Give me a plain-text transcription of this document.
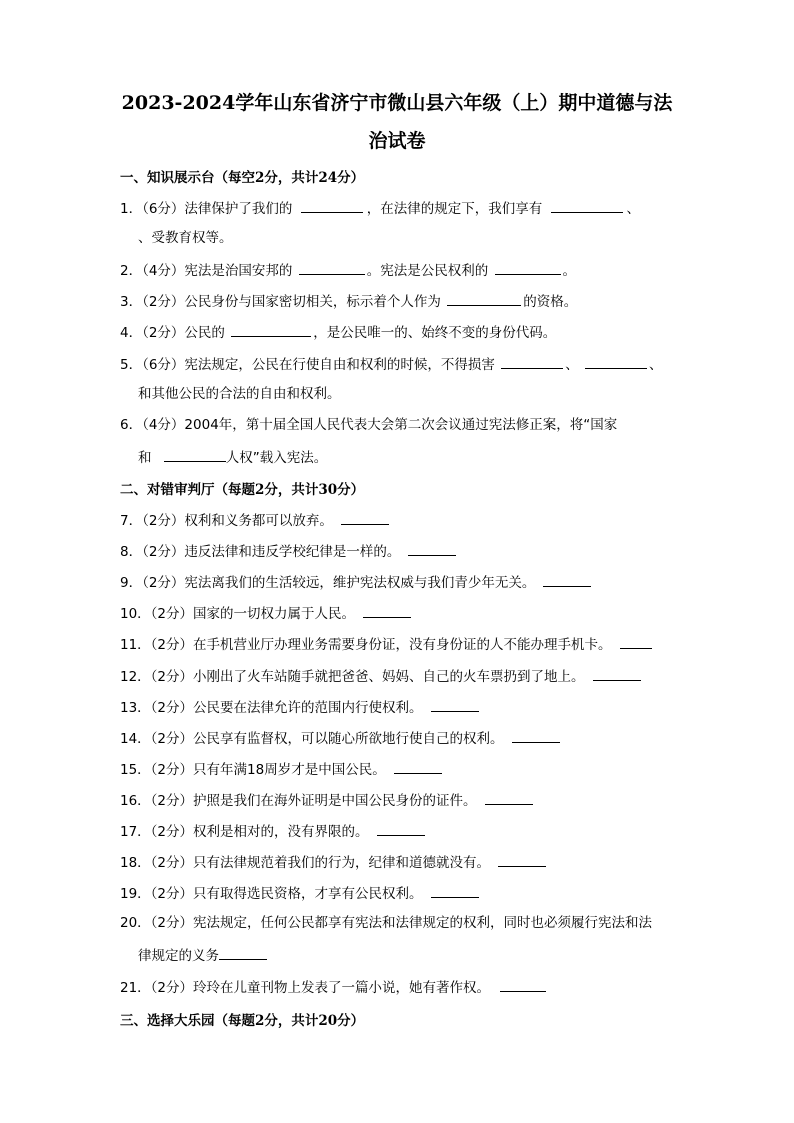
2023-2024学年山东省济宁市微山县六年级（上）期中道德与法
治试卷
一、知识展示台（每空2分，共计24分）
1．（6分）法律保护了我们的	，在法律的规定下，我们享有	、
、受教育权等。
2．（4分）宪法是治国安邦的	。宪法是公民权利的	。
3．（2分）公民身份与国家密切相关，标示着个人作为	的资格。
4．（2分）公民的	，是公民唯一的、始终不变的身份代码。
5．（6分）宪法规定，公民在行使自由和权利的时候，不得损害	、	、
和其他公民的合法的自由和权利。
6．（4分）2004年，第十届全国人民代表大会第二次会议通过宪法修正案，将“国家
和	人权”载入宪法。
二、对错审判厅（每题2分，共计30分）
7．（2分）权利和义务都可以放弃。
8．（2分）违反法律和违反学校纪律是一样的。
9．（2分）宪法离我们的生活较远，维护宪法权威与我们青少年无关。
10．（2分）国家的一切权力属于人民。
11．（2分）在手机营业厅办理业务需要身份证，没有身份证的人不能办理手机卡。
12．（2分）小刚出了火车站随手就把爸爸、妈妈、自己的火车票扔到了地上。
13．（2分）公民要在法律允许的范围内行使权利。
14．（2分）公民享有监督权，可以随心所欲地行使自己的权利。
15．（2分）只有年满18周岁才是中国公民。
16．（2分）护照是我们在海外证明是中国公民身份的证件。
17．（2分）权利是相对的，没有界限的。
18．（2分）只有法律规范着我们的行为，纪律和道德就没有。
19．（2分）只有取得选民资格，才享有公民权利。
20．（2分）宪法规定，任何公民都享有宪法和法律规定的权利，同时也必须履行宪法和法
律规定的义务
21．（2分）玲玲在儿童刊物上发表了一篇小说，她有著作权。
三、选择大乐园（每题2分，共计20分）
